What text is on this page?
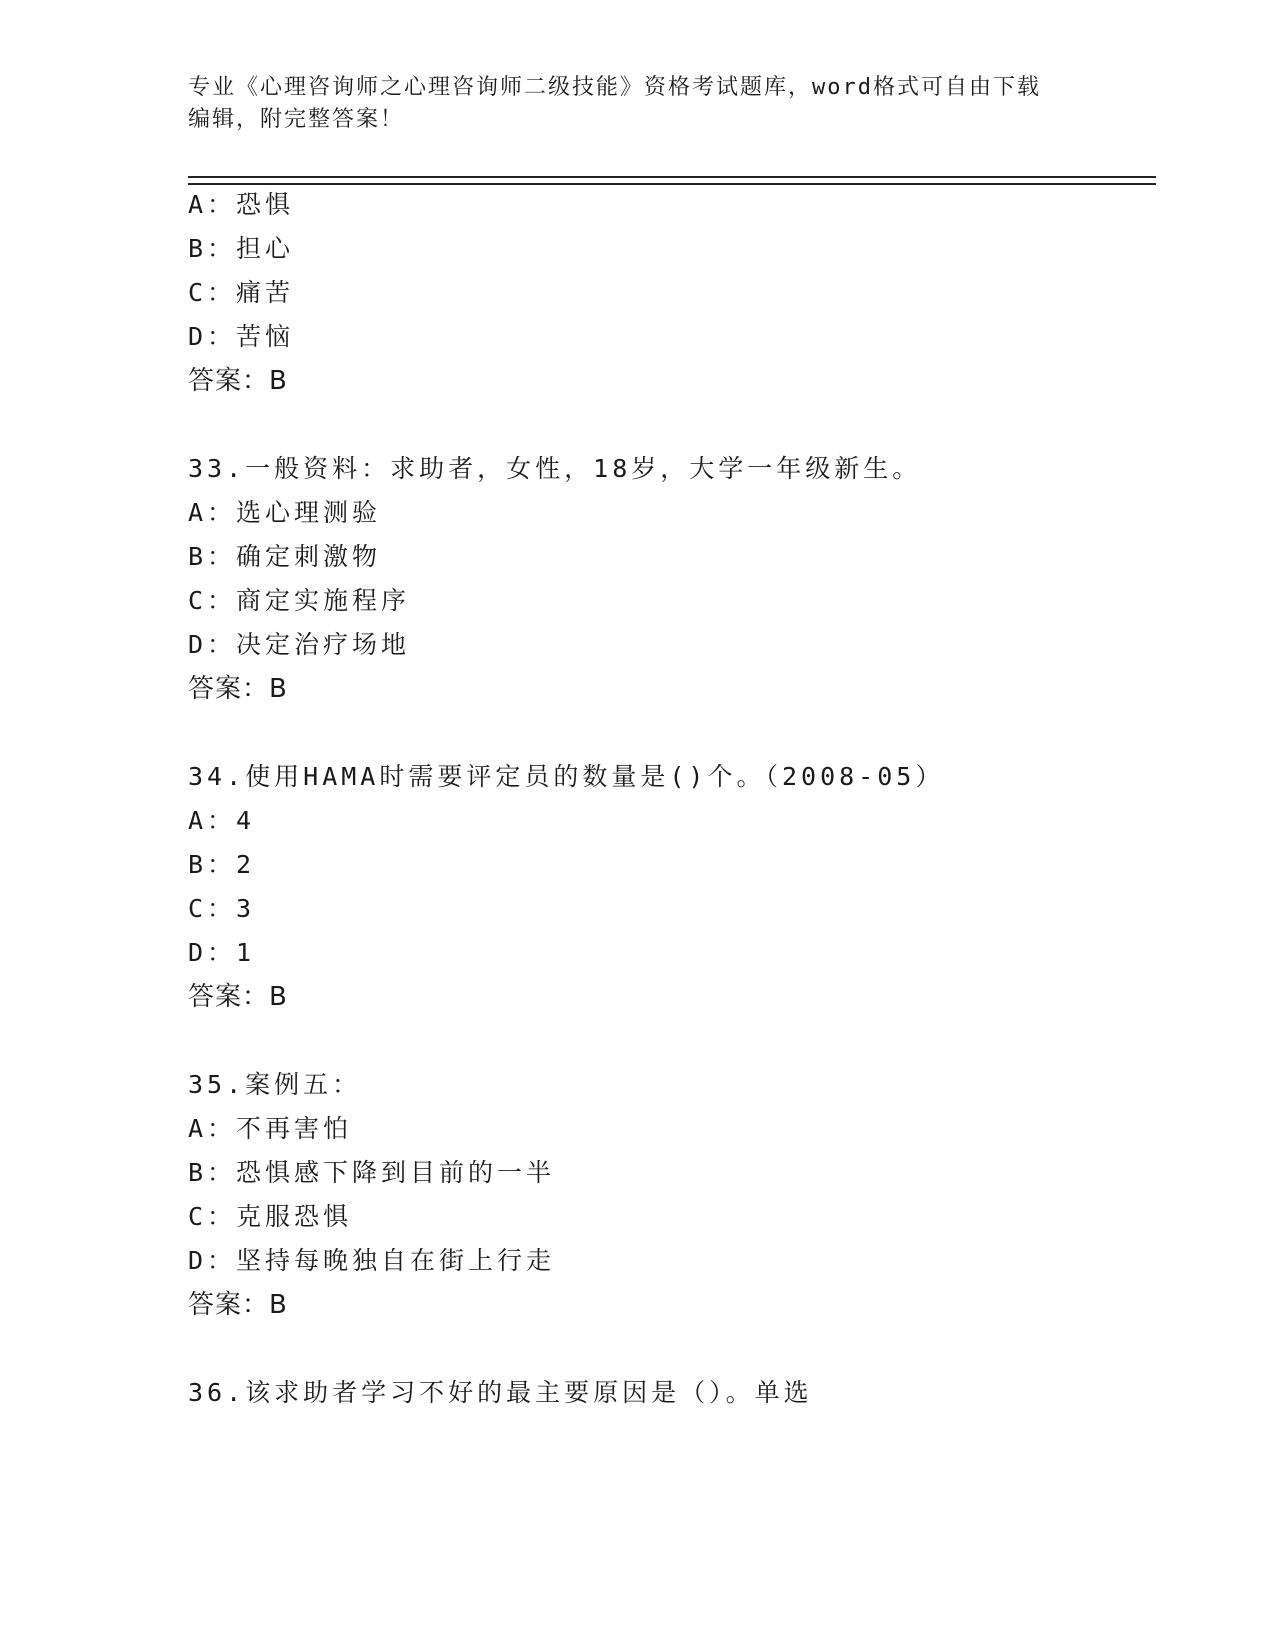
专业《心理咨询师之心理咨询师二级技能》资格考试题库，word格式可自由下载
编辑，附完整答案！
A：恐惧
B：担心
C：痛苦
D：苦恼
答案：B
33.一般资料：求助者，女性，18岁，大学一年级新生。
A：选心理测验
B：确定刺激物
C：商定实施程序
D：决定治疗场地
答案：B
34.使用HAMA时需要评定员的数量是()个。（2008-05）
A：4
B：2
C：3
D：1
答案：B
35.案例五：
A：不再害怕
B：恐惧感下降到目前的一半
C：克服恐惧
D：坚持每晚独自在街上行走
答案：B
36.该求助者学习不好的最主要原因是（）。单选
